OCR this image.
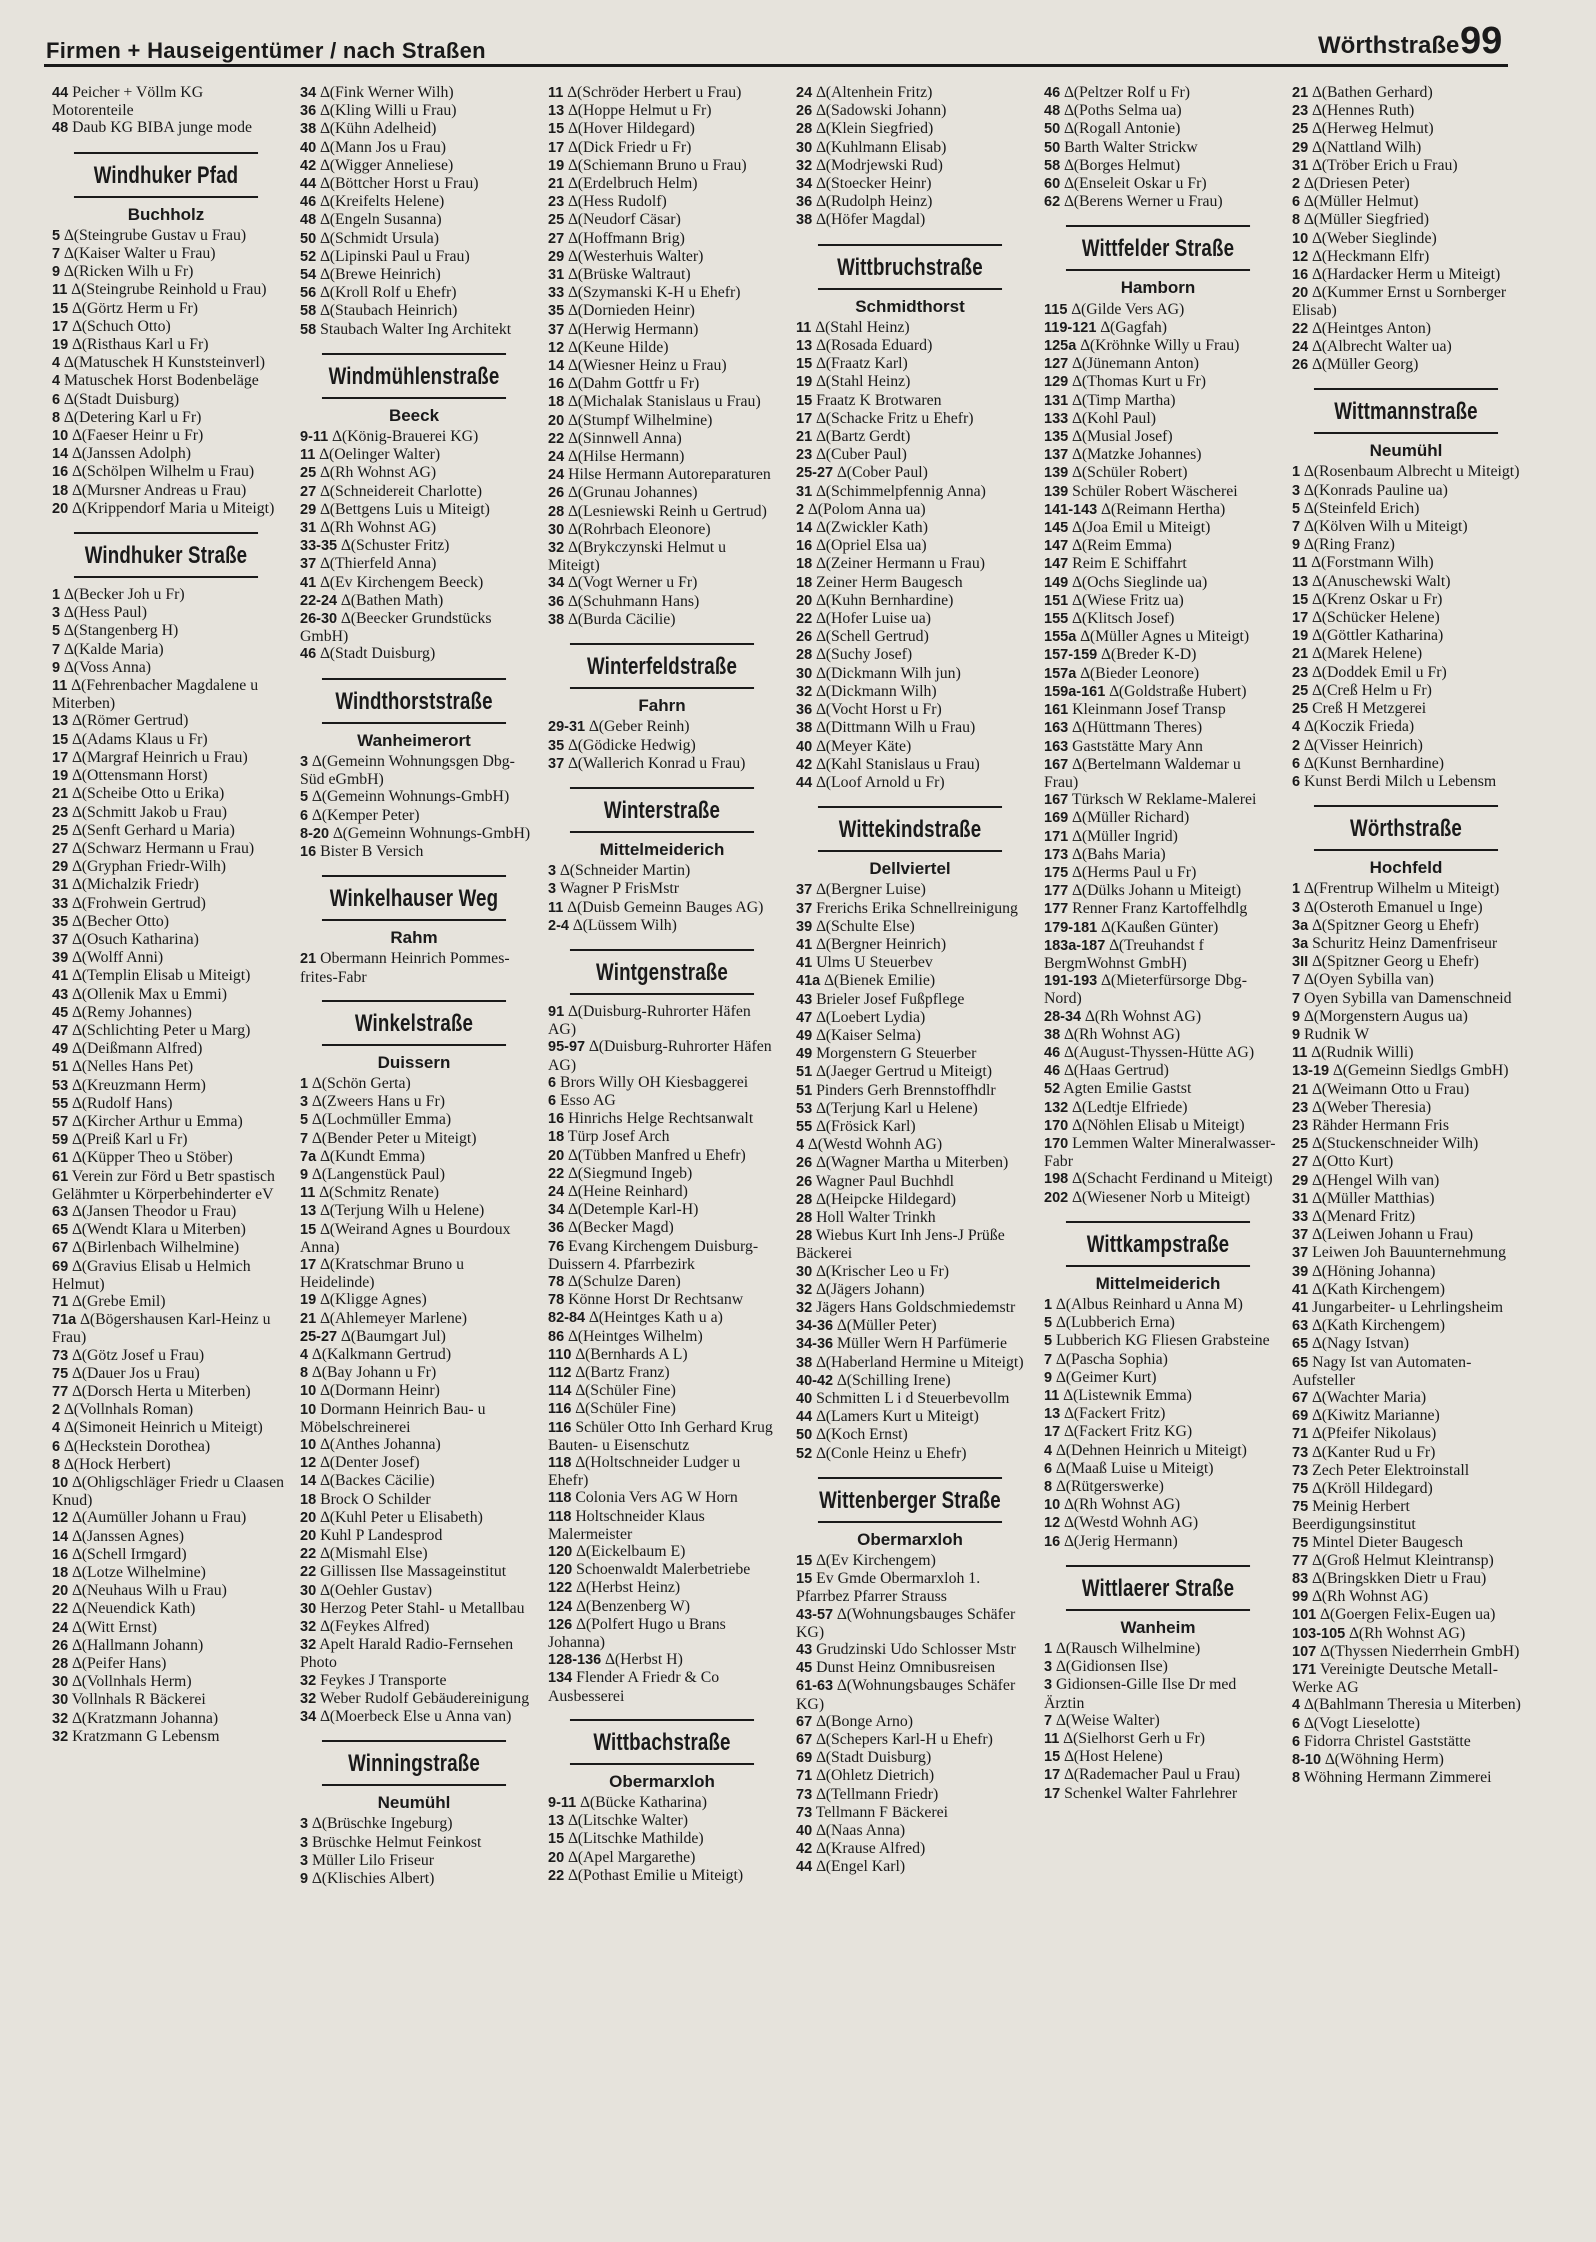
Firmen + Hauseigentümer / nach Straßen	Wörthstraße 99

44 Peicher + Völlm KG Motorenteile

48 Daub KG BIBA junge mode

Windhuker Pfad
Buchholz

5 ∆(Steingrube Gustav u Frau)

7 ∆(Kaiser Walter u Frau)

9 ∆(Ricken Wilh u Fr)

11 ∆(Steingrube Reinhold u Frau)

15 ∆(Görtz Herm u Fr)

17 ∆(Schuch Otto)

19 ∆(Risthaus Karl u Fr)

4 ∆(Matuschek H Kunststeinverl)

4 Matuschek Horst Bodenbeläge

6 ∆(Stadt Duisburg)

8 ∆(Detering Karl u Fr)

10 ∆(Faeser Heinr u Fr)

14 ∆(Janssen Adolph)

16 ∆(Schölpen Wilhelm u Frau)

18 ∆(Mursner Andreas u Frau)

20 ∆(Krippendorf Maria u Miteigt)

Windhuker Straße

1 ∆(Becker Joh u Fr)

3 ∆(Hess Paul)

5 ∆(Stangenberg H)

7 ∆(Kalde Maria)

9 ∆(Voss Anna)

11 ∆(Fehrenbacher Magdalene u Miterben)

13 ∆(Römer Gertrud)

15 ∆(Adams Klaus u Fr)

17 ∆(Margraf Heinrich u Frau)

19 ∆(Ottensmann Horst)

21 ∆(Scheibe Otto u Erika)

23 ∆(Schmitt Jakob u Frau)

25 ∆(Senft Gerhard u Maria)

27 ∆(Schwarz Hermann u Frau)

29 ∆(Gryphan Friedr-Wilh)

31 ∆(Michalzik Friedr)

33 ∆(Frohwein Gertrud)

35 ∆(Becher Otto)

37 ∆(Osuch Katharina)

39 ∆(Wolff Anni)

41 ∆(Templin Elisab u Miteigt)

43 ∆(Ollenik Max u Emmi)

45 ∆(Remy Johannes)

47 ∆(Schlichting Peter u Marg)

49 ∆(Deißmann Alfred)

51 ∆(Nelles Hans Pet)

53 ∆(Kreuzmann Herm)

55 ∆(Rudolf Hans)

57 ∆(Kircher Arthur u Emma)

59 ∆(Preiß Karl u Fr)

61 ∆(Küpper Theo u Stöber)

61 Verein zur Förd u Betr spastisch Gelähmter u Körperbehinderter eV

63 ∆(Jansen Theodor u Frau)

65 ∆(Wendt Klara u Miterben)

67 ∆(Birlenbach Wilhelmine)

69 ∆(Gravius Elisab u Helmich Helmut)

71 ∆(Grebe Emil)

71a ∆(Bögershausen Karl-Heinz u Frau)

73 ∆(Götz Josef u Frau)

75 ∆(Dauer Jos u Frau)

77 ∆(Dorsch Herta u Miterben)

2 ∆(Vollnhals Roman)

4 ∆(Simoneit Heinrich u Miteigt)

6 ∆(Heckstein Dorothea)

8 ∆(Hock Herbert)

10 ∆(Ohligschläger Friedr u Claasen Knud)

12 ∆(Aumüller Johann u Frau)

14 ∆(Janssen Agnes)

16 ∆(Schell Irmgard)

18 ∆(Lotze Wilhelmine)

20 ∆(Neuhaus Wilh u Frau)

22 ∆(Neuendick Kath)

24 ∆(Witt Ernst)

26 ∆(Hallmann Johann)

28 ∆(Peifer Hans)

30 ∆(Vollnhals Herm)

30 Vollnhals R Bäckerei

32 ∆(Kratzmann Johanna)

32 Kratzmann G Lebensm

34 ∆(Fink Werner Wilh)

36 ∆(Kling Willi u Frau)

38 ∆(Kühn Adelheid)

40 ∆(Mann Jos u Frau)

42 ∆(Wigger Anneliese)

44 ∆(Böttcher Horst u Frau)

46 ∆(Kreifelts Helene)

48 ∆(Engeln Susanna)

50 ∆(Schmidt Ursula)

52 ∆(Lipinski Paul u Frau)

54 ∆(Brewe Heinrich)

56 ∆(Kroll Rolf u Ehefr)

58 ∆(Staubach Heinrich)

58 Staubach Walter Ing Architekt

Windmühlenstraße
Beeck

9-11 ∆(König-Brauerei KG)

11 ∆(Oelinger Walter)

25 ∆(Rh Wohnst AG)

27 ∆(Schneidereit Charlotte)

29 ∆(Bettgens Luis u Miteigt)

31 ∆(Rh Wohnst AG)

33-35 ∆(Schuster Fritz)

37 ∆(Thierfeld Anna)

41 ∆(Ev Kirchengem Beeck)

22-24 ∆(Bathen Math)

26-30 ∆(Beecker Grundstücks GmbH)

46 ∆(Stadt Duisburg)

Windthorststraße
Wanheimerort

3 ∆(Gemeinn Wohnungsgen Dbg-Süd eGmbH)

5 ∆(Gemeinn Wohnungs-GmbH)

6 ∆(Kemper Peter)

8-20 ∆(Gemeinn Wohnungs-GmbH)

16 Bister B Versich

Winkelhauser Weg
Rahm

21 Obermann Heinrich Pommes-frites-Fabr

Winkelstraße
Duissern

1 ∆(Schön Gerta)

3 ∆(Zweers Hans u Fr)

5 ∆(Lochmüller Emma)

7 ∆(Bender Peter u Miteigt)

7a ∆(Kundt Emma)

9 ∆(Langenstück Paul)

11 ∆(Schmitz Renate)

13 ∆(Terjung Wilh u Helene)

15 ∆(Weirand Agnes u Bourdoux Anna)

17 ∆(Kratschmar Bruno u Heidelinde)

19 ∆(Kligge Agnes)

21 ∆(Ahlemeyer Marlene)

25-27 ∆(Baumgart Jul)

4 ∆(Kalkmann Gertrud)

8 ∆(Bay Johann u Fr)

10 ∆(Dormann Heinr)

10 Dormann Heinrich Bau- u Möbelschreinerei

10 ∆(Anthes Johanna)

12 ∆(Denter Josef)

14 ∆(Backes Cäcilie)

18 Brock O Schilder

20 ∆(Kuhl Peter u Elisabeth)

20 Kuhl P Landesprod

22 ∆(Mismahl Else)

22 Gillissen Ilse Massageinstitut

30 ∆(Oehler Gustav)

30 Herzog Peter Stahl- u Metallbau

32 ∆(Feykes Alfred)

32 Apelt Harald Radio-Fernsehen Photo

32 Feykes J Transporte

32 Weber Rudolf Gebäudereinigung

34 ∆(Moerbeck Else u Anna van)

Winningstraße
Neumühl

3 ∆(Brüschke Ingeburg)

3 Brüschke Helmut Feinkost

3 Müller Lilo Friseur

9 ∆(Klischies Albert)

11 ∆(Schröder Herbert u Frau)

13 ∆(Hoppe Helmut u Fr)

15 ∆(Hover Hildegard)

17 ∆(Dick Friedr u Fr)

19 ∆(Schiemann Bruno u Frau)

21 ∆(Erdelbruch Helm)

23 ∆(Hess Rudolf)

25 ∆(Neudorf Cäsar)

27 ∆(Hoffmann Brig)

29 ∆(Westerhuis Walter)

31 ∆(Brüske Waltraut)

33 ∆(Szymanski K-H u Ehefr)

35 ∆(Dornieden Heinr)

37 ∆(Herwig Hermann)

12 ∆(Keune Hilde)

14 ∆(Wiesner Heinz u Frau)

16 ∆(Dahm Gottfr u Fr)

18 ∆(Michalak Stanislaus u Frau)

20 ∆(Stumpf Wilhelmine)

22 ∆(Sinnwell Anna)

24 ∆(Hilse Hermann)

24 Hilse Hermann Autoreparaturen

26 ∆(Grunau Johannes)

28 ∆(Lesniewski Reinh u Gertrud)

30 ∆(Rohrbach Eleonore)

32 ∆(Brykczynski Helmut u Miteigt)

34 ∆(Vogt Werner u Fr)

36 ∆(Schuhmann Hans)

38 ∆(Burda Cäcilie)

Winterfeldstraße
Fahrn

29-31 ∆(Geber Reinh)

35 ∆(Gödicke Hedwig)

37 ∆(Wallerich Konrad u Frau)

Winterstraße
Mittelmeiderich

3 ∆(Schneider Martin)

3 Wagner P FrisMstr

11 ∆(Duisb Gemeinn Bauges AG)

2-4 ∆(Lüssem Wilh)

Wintgenstraße

91 ∆(Duisburg-Ruhrorter Häfen AG)

95-97 ∆(Duisburg-Ruhrorter Häfen AG)

6 Brors Willy OH Kiesbaggerei

6 Esso AG

16 Hinrichs Helge Rechtsanwalt

18 Türp Josef Arch

20 ∆(Tübben Manfred u Ehefr)

22 ∆(Siegmund Ingeb)

24 ∆(Heine Reinhard)

34 ∆(Detemple Karl-H)

36 ∆(Becker Magd)

76 Evang Kirchengem Duisburg-Duissern 4. Pfarrbezirk

78 ∆(Schulze Daren)

78 Könne Horst Dr Rechtsanw

82-84 ∆(Heintges Kath u a)

86 ∆(Heintges Wilhelm)

110 ∆(Bernhards A L)

112 ∆(Bartz Franz)

114 ∆(Schüler Fine)

116 ∆(Schüler Fine)

116 Schüler Otto Inh Gerhard Krug Bauten- u Eisenschutz

118 ∆(Holtschneider Ludger u Ehefr)

118 Colonia Vers AG W Horn

118 Holtschneider Klaus Malermeister

120 ∆(Eickelbaum E)

120 Schoenwaldt Malerbetriebe

122 ∆(Herbst Heinz)

124 ∆(Benzenberg W)

126 ∆(Polfert Hugo u Brans Johanna)

128-136 ∆(Herbst H)

134 Flender A Friedr & Co Ausbesserei

Wittbachstraße
Obermarxloh

9-11 ∆(Bücke Katharina)

13 ∆(Litschke Walter)

15 ∆(Litschke Mathilde)

20 ∆(Apel Margarethe)

22 ∆(Pothast Emilie u Miteigt)

24 ∆(Altenhein Fritz)

26 ∆(Sadowski Johann)

28 ∆(Klein Siegfried)

30 ∆(Kuhlmann Elisab)

32 ∆(Modrjewski Rud)

34 ∆(Stoecker Heinr)

36 ∆(Rudolph Heinz)

38 ∆(Höfer Magdal)

Wittbruchstraße
Schmidthorst

11 ∆(Stahl Heinz)

13 ∆(Rosada Eduard)

15 ∆(Fraatz Karl)

19 ∆(Stahl Heinz)

15 Fraatz K Brotwaren

17 ∆(Schacke Fritz u Ehefr)

21 ∆(Bartz Gerdt)

23 ∆(Cuber Paul)

25-27 ∆(Cober Paul)

31 ∆(Schimmelpfennig Anna)

2 ∆(Polom Anna ua)

14 ∆(Zwickler Kath)

16 ∆(Opriel Elsa ua)

18 ∆(Zeiner Hermann u Frau)

18 Zeiner Herm Baugesch

20 ∆(Kuhn Bernhardine)

22 ∆(Hofer Luise ua)

26 ∆(Schell Gertrud)

28 ∆(Suchy Josef)

30 ∆(Dickmann Wilh jun)

32 ∆(Dickmann Wilh)

36 ∆(Vocht Horst u Fr)

38 ∆(Dittmann Wilh u Frau)

40 ∆(Meyer Käte)

42 ∆(Kahl Stanislaus u Frau)

44 ∆(Loof Arnold u Fr)

Wittekindstraße
Dellviertel

37 ∆(Bergner Luise)

37 Frerichs Erika Schnellreinigung

39 ∆(Schulte Else)

41 ∆(Bergner Heinrich)

41 Ulms U Steuerbev

41a ∆(Bienek Emilie)

43 Brieler Josef Fußpflege

47 ∆(Loebert Lydia)

49 ∆(Kaiser Selma)

49 Morgenstern G Steuerber

51 ∆(Jaeger Gertrud u Miteigt)

51 Pinders Gerh Brennstoffhdlr

53 ∆(Terjung Karl u Helene)

55 ∆(Frösick Karl)

4 ∆(Westd Wohnh AG)

26 ∆(Wagner Martha u Miterben)

26 Wagner Paul Buchhdl

28 ∆(Heipcke Hildegard)

28 Holl Walter Trinkh

28 Wiebus Kurt Inh Jens-J Prüße Bäckerei

30 ∆(Krischer Leo u Fr)

32 ∆(Jägers Johann)

32 Jägers Hans Goldschmiedemstr

34-36 ∆(Müller Peter)

34-36 Müller Wern H Parfümerie

38 ∆(Haberland Hermine u Miteigt)

40-42 ∆(Schilling Irene)

40 Schmitten L i d Steuerbevollm

44 ∆(Lamers Kurt u Miteigt)

50 ∆(Koch Ernst)

52 ∆(Conle Heinz u Ehefr)

Wittenberger Straße
Obermarxloh

15 ∆(Ev Kirchengem)

15 Ev Gmde Obermarxloh 1. Pfarrbez Pfarrer Strauss

43-57 ∆(Wohnungsbauges Schäfer KG)

43 Grudzinski Udo Schlosser Mstr

45 Dunst Heinz Omnibusreisen

61-63 ∆(Wohnungsbauges Schäfer KG)

67 ∆(Bonge Arno)

67 ∆(Schepers Karl-H u Ehefr)

69 ∆(Stadt Duisburg)

71 ∆(Ohletz Dietrich)

73 ∆(Tellmann Friedr)

73 Tellmann F Bäckerei

40 ∆(Naas Anna)

42 ∆(Krause Alfred)

44 ∆(Engel Karl)

46 ∆(Peltzer Rolf u Fr)

48 ∆(Poths Selma ua)

50 ∆(Rogall Antonie)

50 Barth Walter Strickw

58 ∆(Borges Helmut)

60 ∆(Enseleit Oskar u Fr)

62 ∆(Berens Werner u Frau)

Wittfelder Straße
Hamborn

115 ∆(Gilde Vers AG)

119-121 ∆(Gagfah)

125a ∆(Kröhnke Willy u Frau)

127 ∆(Jünemann Anton)

129 ∆(Thomas Kurt u Fr)

131 ∆(Timp Martha)

133 ∆(Kohl Paul)

135 ∆(Musial Josef)

137 ∆(Matzke Johannes)

139 ∆(Schüler Robert)

139 Schüler Robert Wäscherei

141-143 ∆(Reimann Hertha)

145 ∆(Joa Emil u Miteigt)

147 ∆(Reim Emma)

147 Reim E Schiffahrt

149 ∆(Ochs Sieglinde ua)

151 ∆(Wiese Fritz ua)

155 ∆(Klitsch Josef)

155a ∆(Müller Agnes u Miteigt)

157-159 ∆(Breder K-D)

157a ∆(Bieder Leonore)

159a-161 ∆(Goldstraße Hubert)

161 Kleinmann Josef Transp

163 ∆(Hüttmann Theres)

163 Gaststätte Mary Ann

167 ∆(Bertelmann Waldemar u Frau)

167 Türksch W Reklame-Malerei

169 ∆(Müller Richard)

171 ∆(Müller Ingrid)

173 ∆(Bahs Maria)

175 ∆(Herms Paul u Fr)

177 ∆(Dülks Johann u Miteigt)

177 Renner Franz Kartoffelhdlg

179-181 ∆(Kaußen Günter)

183a-187 ∆(Treuhandst f BergmWohnst GmbH)

191-193 ∆(Mieterfürsorge Dbg-Nord)

28-34 ∆(Rh Wohnst AG)

38 ∆(Rh Wohnst AG)

46 ∆(August-Thyssen-Hütte AG)

46 ∆(Haas Gertrud)

52 Agten Emilie Gastst

132 ∆(Ledtje Elfriede)

170 ∆(Nöhlen Elisab u Miteigt)

170 Lemmen Walter Mineralwasser-Fabr

198 ∆(Schacht Ferdinand u Miteigt)

202 ∆(Wiesener Norb u Miteigt)

Wittkampstraße
Mittelmeiderich

1 ∆(Albus Reinhard u Anna M)

5 ∆(Lubberich Erna)

5 Lubberich KG Fliesen Grabsteine

7 ∆(Pascha Sophia)

9 ∆(Geimer Kurt)

11 ∆(Listewnik Emma)

13 ∆(Fackert Fritz)

17 ∆(Fackert Fritz KG)

4 ∆(Dehnen Heinrich u Miteigt)

6 ∆(Maaß Luise u Miteigt)

8 ∆(Rütgerswerke)

10 ∆(Rh Wohnst AG)

12 ∆(Westd Wohnh AG)

16 ∆(Jerig Hermann)

Wittlaerer Straße
Wanheim

1 ∆(Rausch Wilhelmine)

3 ∆(Gidionsen Ilse)

3 Gidionsen-Gille Ilse Dr med Ärztin

7 ∆(Weise Walter)

11 ∆(Sielhorst Gerh u Fr)

15 ∆(Host Helene)

17 ∆(Rademacher Paul u Frau)

17 Schenkel Walter Fahrlehrer

21 ∆(Bathen Gerhard)

23 ∆(Hennes Ruth)

25 ∆(Herweg Helmut)

29 ∆(Nattland Wilh)

31 ∆(Tröber Erich u Frau)

2 ∆(Driesen Peter)

6 ∆(Müller Helmut)

8 ∆(Müller Siegfried)

10 ∆(Weber Sieglinde)

12 ∆(Heckmann Elfr)

16 ∆(Hardacker Herm u Miteigt)

20 ∆(Kummer Ernst u Sornberger Elisab)

22 ∆(Heintges Anton)

24 ∆(Albrecht Walter ua)

26 ∆(Müller Georg)

Wittmannstraße
Neumühl

1 ∆(Rosenbaum Albrecht u Miteigt)

3 ∆(Konrads Pauline ua)

5 ∆(Steinfeld Erich)

7 ∆(Kölven Wilh u Miteigt)

9 ∆(Ring Franz)

11 ∆(Forstmann Wilh)

13 ∆(Anuschewski Walt)

15 ∆(Krenz Oskar u Fr)

17 ∆(Schücker Helene)

19 ∆(Göttler Katharina)

21 ∆(Marek Helene)

23 ∆(Doddek Emil u Fr)

25 ∆(Creß Helm u Fr)

25 Creß H Metzgerei

4 ∆(Koczik Frieda)

2 ∆(Visser Heinrich)

6 ∆(Kunst Bernhardine)

6 Kunst Berdi Milch u Lebensm

Wörthstraße
Hochfeld

1 ∆(Frentrup Wilhelm u Miteigt)

3 ∆(Osteroth Emanuel u Inge)

3a ∆(Spitzner Georg u Ehefr)

3a Schuritz Heinz Damenfriseur

3II ∆(Spitzner Georg u Ehefr)

7 ∆(Oyen Sybilla van)

7 Oyen Sybilla van Damenschneid

9 ∆(Morgenstern Augus ua)

9 Rudnik W

11 ∆(Rudnik Willi)

13-19 ∆(Gemeinn Siedlgs GmbH)

21 ∆(Weimann Otto u Frau)

23 ∆(Weber Theresia)

23 Rähder Hermann Fris

25 ∆(Stuckenschneider Wilh)

27 ∆(Otto Kurt)

29 ∆(Hengel Wilh van)

31 ∆(Müller Matthias)

33 ∆(Menard Fritz)

37 ∆(Leiwen Johann u Frau)

37 Leiwen Joh Bauunternehmung

39 ∆(Höning Johanna)

41 ∆(Kath Kirchengem)

41 Jungarbeiter- u Lehrlingsheim

63 ∆(Kath Kirchengem)

65 ∆(Nagy Istvan)

65 Nagy Ist van Automaten-Aufsteller

67 ∆(Wachter Maria)

69 ∆(Kiwitz Marianne)

71 ∆(Pfeifer Nikolaus)

73 ∆(Kanter Rud u Fr)

73 Zech Peter Elektroinstall

75 ∆(Kröll Hildegard)

75 Meinig Herbert Beerdigungsinstitut

75 Mintel Dieter Baugesch

77 ∆(Groß Helmut Kleintransp)

83 ∆(Bringskken Dietr u Frau)

99 ∆(Rh Wohnst AG)

101 ∆(Goergen Felix-Eugen ua)

103-105 ∆(Rh Wohnst AG)

107 ∆(Thyssen Niederrhein GmbH)

171 Vereinigte Deutsche Metall-Werke AG

4 ∆(Bahlmann Theresia u Miterben)

6 ∆(Vogt Lieselotte)

6 Fidorra Christel Gaststätte

8-10 ∆(Wöhning Herm)

8 Wöhning Hermann Zimmerei
